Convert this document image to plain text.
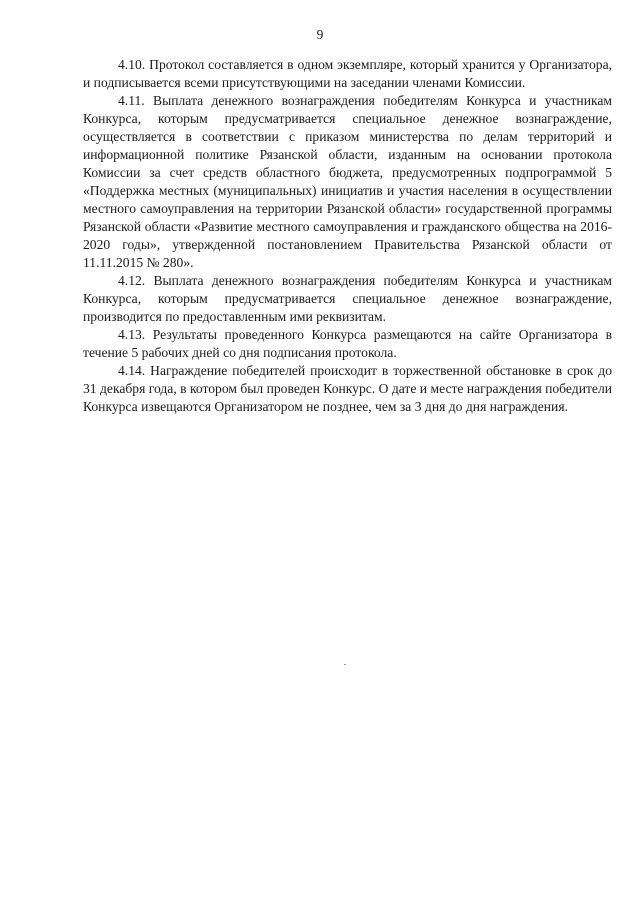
9

4.10. Протокол составляется в одном экземпляре, который хранится у Организатора, и подписывается всеми присутствующими на заседании членами Комиссии.

4.11. Выплата денежного вознаграждения победителям Конкурса и участникам Конкурса, которым предусматривается специальное денежное вознаграждение, осуществляется в соответствии с приказом министерства по делам территорий и информационной политике Рязанской области, изданным на основании протокола Комиссии за счет средств областного бюджета, предусмотренных подпрограммой 5 «Поддержка местных (муниципальных) инициатив и участия населения в осуществлении местного самоуправления на территории Рязанской области» государственной программы Рязанской области «Развитие местного самоуправления и гражданского общества на 2016-2020 годы», утвержденной постановлением Правительства Рязанской области от 11.11.2015 № 280».

4.12. Выплата денежного вознаграждения победителям Конкурса и участникам Конкурса, которым предусматривается специальное денежное вознаграждение, производится по предоставленным ими реквизитам.

4.13. Результаты проведенного Конкурса размещаются на сайте Организатора в течение 5 рабочих дней со дня подписания протокола.

4.14. Награждение победителей происходит в торжественной обстановке в срок до 31 декабря года, в котором был проведен Конкурс. О дате и месте награждения победители Конкурса извещаются Организатором не позднее, чем за 3 дня до дня награждения.
